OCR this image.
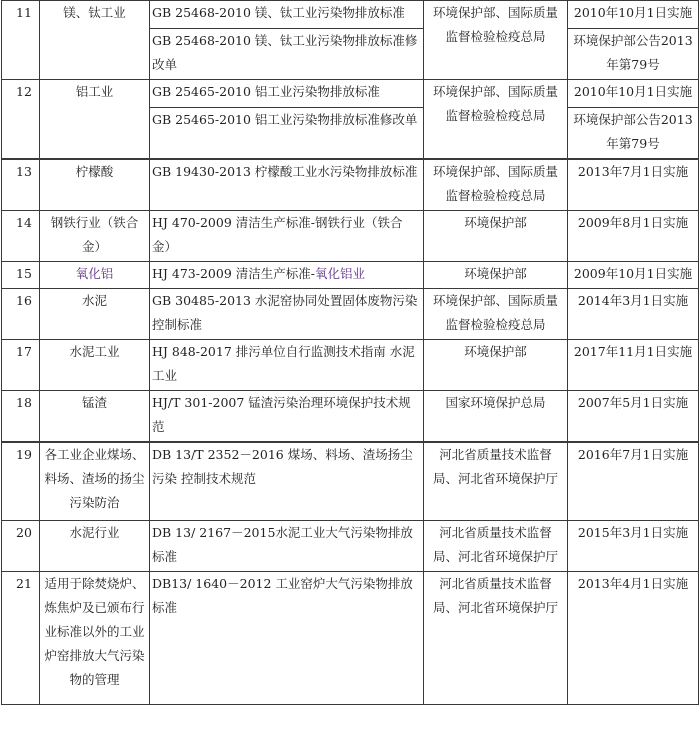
11	镁、钛工业	GB 25468-2010 镁、钛工业污染物排放标准	环境保护部、国际质量监督检验检疫总局	2010年10月1日实施
		GB 25468-2010 镁、钛工业污染物排放标准修改单		环境保护部公告2013年第79号
12	铝工业	GB 25465-2010 铝工业污染物排放标准	环境保护部、国际质量监督检验检疫总局	2010年10月1日实施
		GB 25465-2010 铝工业污染物排放标准修改单		环境保护部公告2013年第79号
13	柠檬酸	GB 19430-2013 柠檬酸工业水污染物排放标准	环境保护部、国际质量监督检验检疫总局	2013年7月1日实施
14	钢铁行业（铁合金）	HJ 470-2009 清洁生产标准-钢铁行业（铁合金）	环境保护部	2009年8月1日实施
15	氧化铝	HJ 473-2009 清洁生产标准-氧化铝业	环境保护部	2009年10月1日实施
16	水泥	GB 30485-2013 水泥窑协同处置固体废物污染控制标准	环境保护部、国际质量监督检验检疫总局	2014年3月1日实施
17	水泥工业	HJ 848-2017 排污单位自行监测技术指南 水泥工业	环境保护部	2017年11月1日实施
18	锰渣	HJ/T 301-2007 锰渣污染治理环境保护技术规范	国家环境保护总局	2007年5月1日实施
19	各工业企业煤场、料场、渣场的扬尘污染防治	DB 13/T 2352－2016 煤场、料场、渣场扬尘污染 控制技术规范	河北省质量技术监督局、河北省环境保护厅	2016年7月1日实施
20	水泥行业	DB 13/ 2167－2015水泥工业大气污染物排放标准	河北省质量技术监督局、河北省环境保护厅	2015年3月1日实施
21	适用于除焚烧炉、炼焦炉及已颁布行业标准以外的工业炉窑排放大气污染物的管理	DB13/ 1640－2012 工业窑炉大气污染物排放标准	河北省质量技术监督局、河北省环境保护厅	2013年4月1日实施
